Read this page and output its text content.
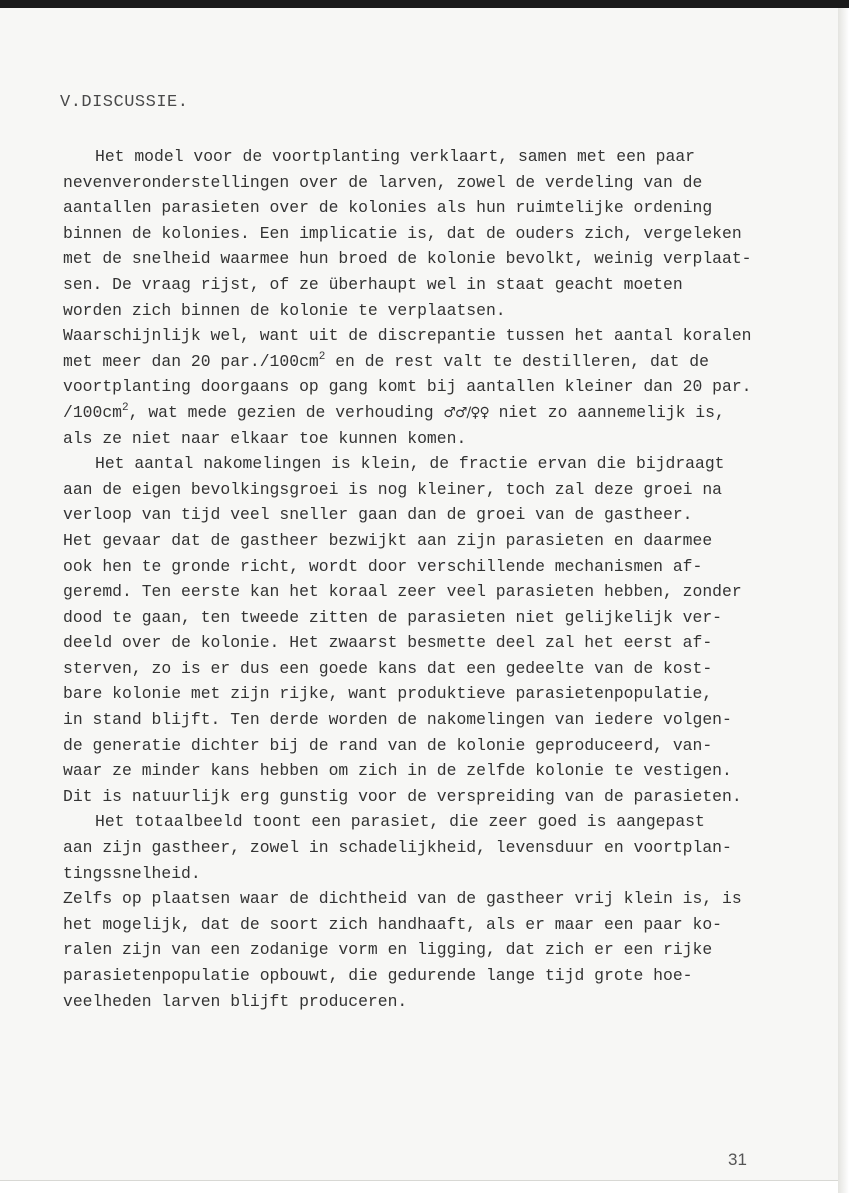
V.DISCUSSIE.
Het model voor de voortplanting verklaart, samen met een paar
nevenveronderstellingen over de larven, zowel de verdeling van de
aantallen parasieten over de kolonies als hun ruimtelijke ordening
binnen de kolonies. Een implicatie is, dat de ouders zich, vergeleken
met de snelheid waarmee hun broed de kolonie bevolkt, weinig verplaat-
sen. De vraag rijst, of ze überhaupt wel in staat geacht moeten
worden zich binnen de kolonie te verplaatsen.
Waarschijnlijk wel, want uit de discrepantie tussen het aantal koralen
met meer dan 20 $par./100cm^2$ en de rest valt te destilleren, dat de
voortplanting doorgaans op gang komt bij aantallen kleiner dan 20 par.
$/100cm^2$, wat mede gezien de verhouding ♂♂/♀♀ niet zo aannemelijk is,
als ze niet naar elkaar toe kunnen komen.
Het aantal nakomelingen is klein, de fractie ervan die bijdraagt
aan de eigen bevolkingsgroei is nog kleiner, toch zal deze groei na
verloop van tijd veel sneller gaan dan de groei van de gastheer.
Het gevaar dat de gastheer bezwijkt aan zijn parasieten en daarmee
ook hen te gronde richt, wordt door verschillende mechanismen af-
geremd. Ten eerste kan het koraal zeer veel parasieten hebben, zonder
dood te gaan, ten tweede zitten de parasieten niet gelijkelijk ver-
deeld over de kolonie. Het zwaarst besmette deel zal het eerst af-
sterven, zo is er dus een goede kans dat een gedeelte van de kost-
bare kolonie met zijn rijke, want produktieve parasietenpopulatie,
in stand blijft. Ten derde worden de nakomelingen van iedere volgen-
de generatie dichter bij de rand van de kolonie geproduceerd, van-
waar ze minder kans hebben om zich in de zelfde kolonie te vestigen.
Dit is natuurlijk erg gunstig voor de verspreiding van de parasieten.
Het totaalbeeld toont een parasiet, die zeer goed is aangepast
aan zijn gastheer, zowel in schadelijkheid, levensduur en voortplan-
tingssnelheid.
Zelfs op plaatsen waar de dichtheid van de gastheer vrij klein is, is
het mogelijk, dat de soort zich handhaaft, als er maar een paar ko-
ralen zijn van een zodanige vorm en ligging, dat zich er een rijke
parasietenpopulatie opbouwt, die gedurende lange tijd grote hoe-
veelheden larven blijft produceren.
31
